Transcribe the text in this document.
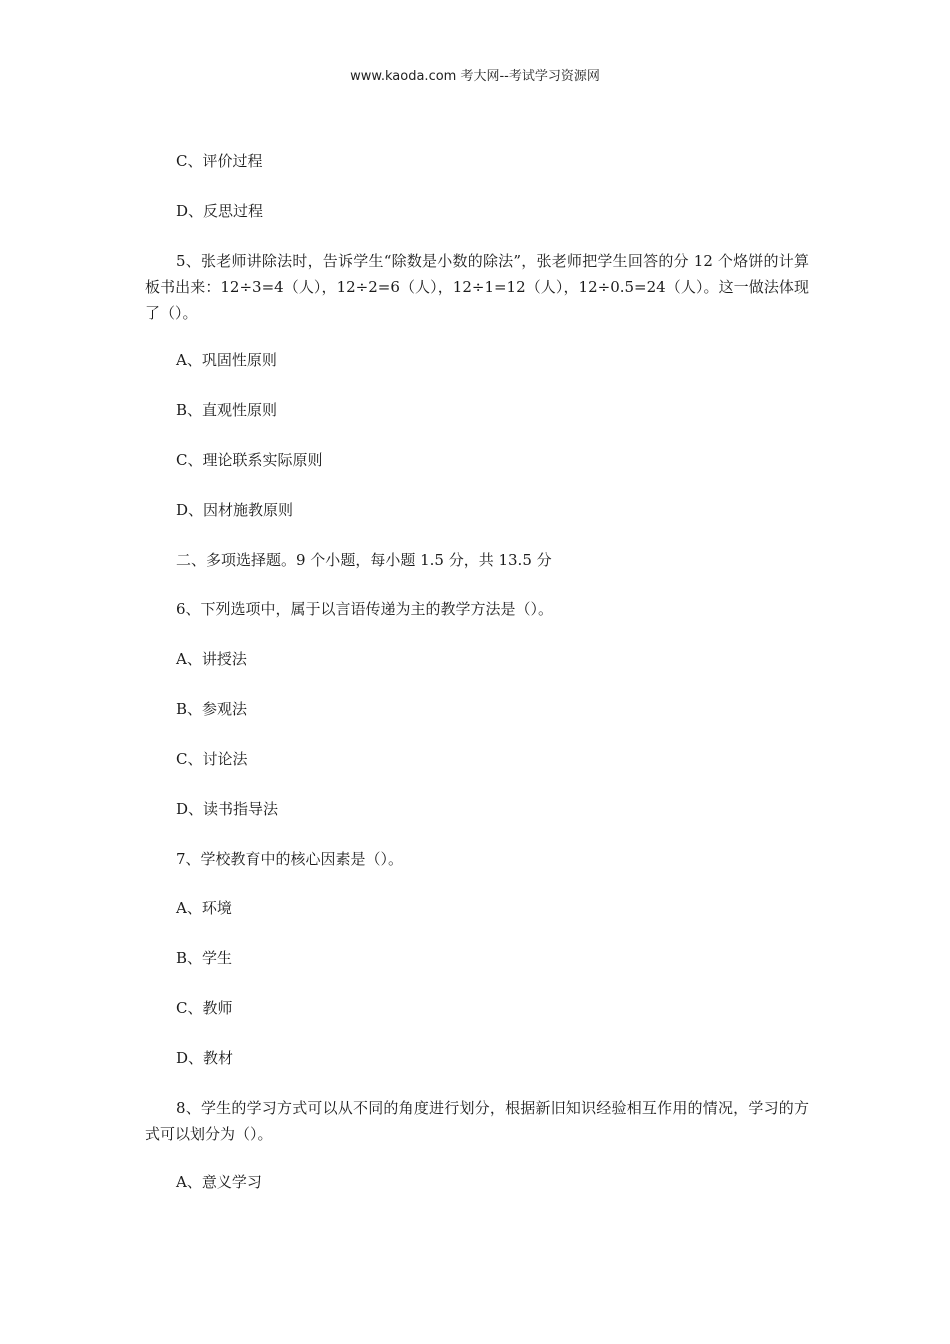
www.kaoda.com 考大网--考试学习资源网
C、评价过程
D、反思过程
5、张老师讲除法时，告诉学生“除数是小数的除法”，张老师把学生回答的分 12 个烙饼的计算板书出来：12÷3=4（人），12÷2=6（人），12÷1=12（人），12÷0.5=24（人）。这一做法体现了（）。
A、巩固性原则
B、直观性原则
C、理论联系实际原则
D、因材施教原则
二、多项选择题。9 个小题，每小题 1.5 分，共 13.5 分
6、下列选项中，属于以言语传递为主的教学方法是（）。
A、讲授法
B、参观法
C、讨论法
D、读书指导法
7、学校教育中的核心因素是（）。
A、环境
B、学生
C、教师
D、教材
8、学生的学习方式可以从不同的角度进行划分，根据新旧知识经验相互作用的情况，学习的方式可以划分为（）。
A、意义学习
